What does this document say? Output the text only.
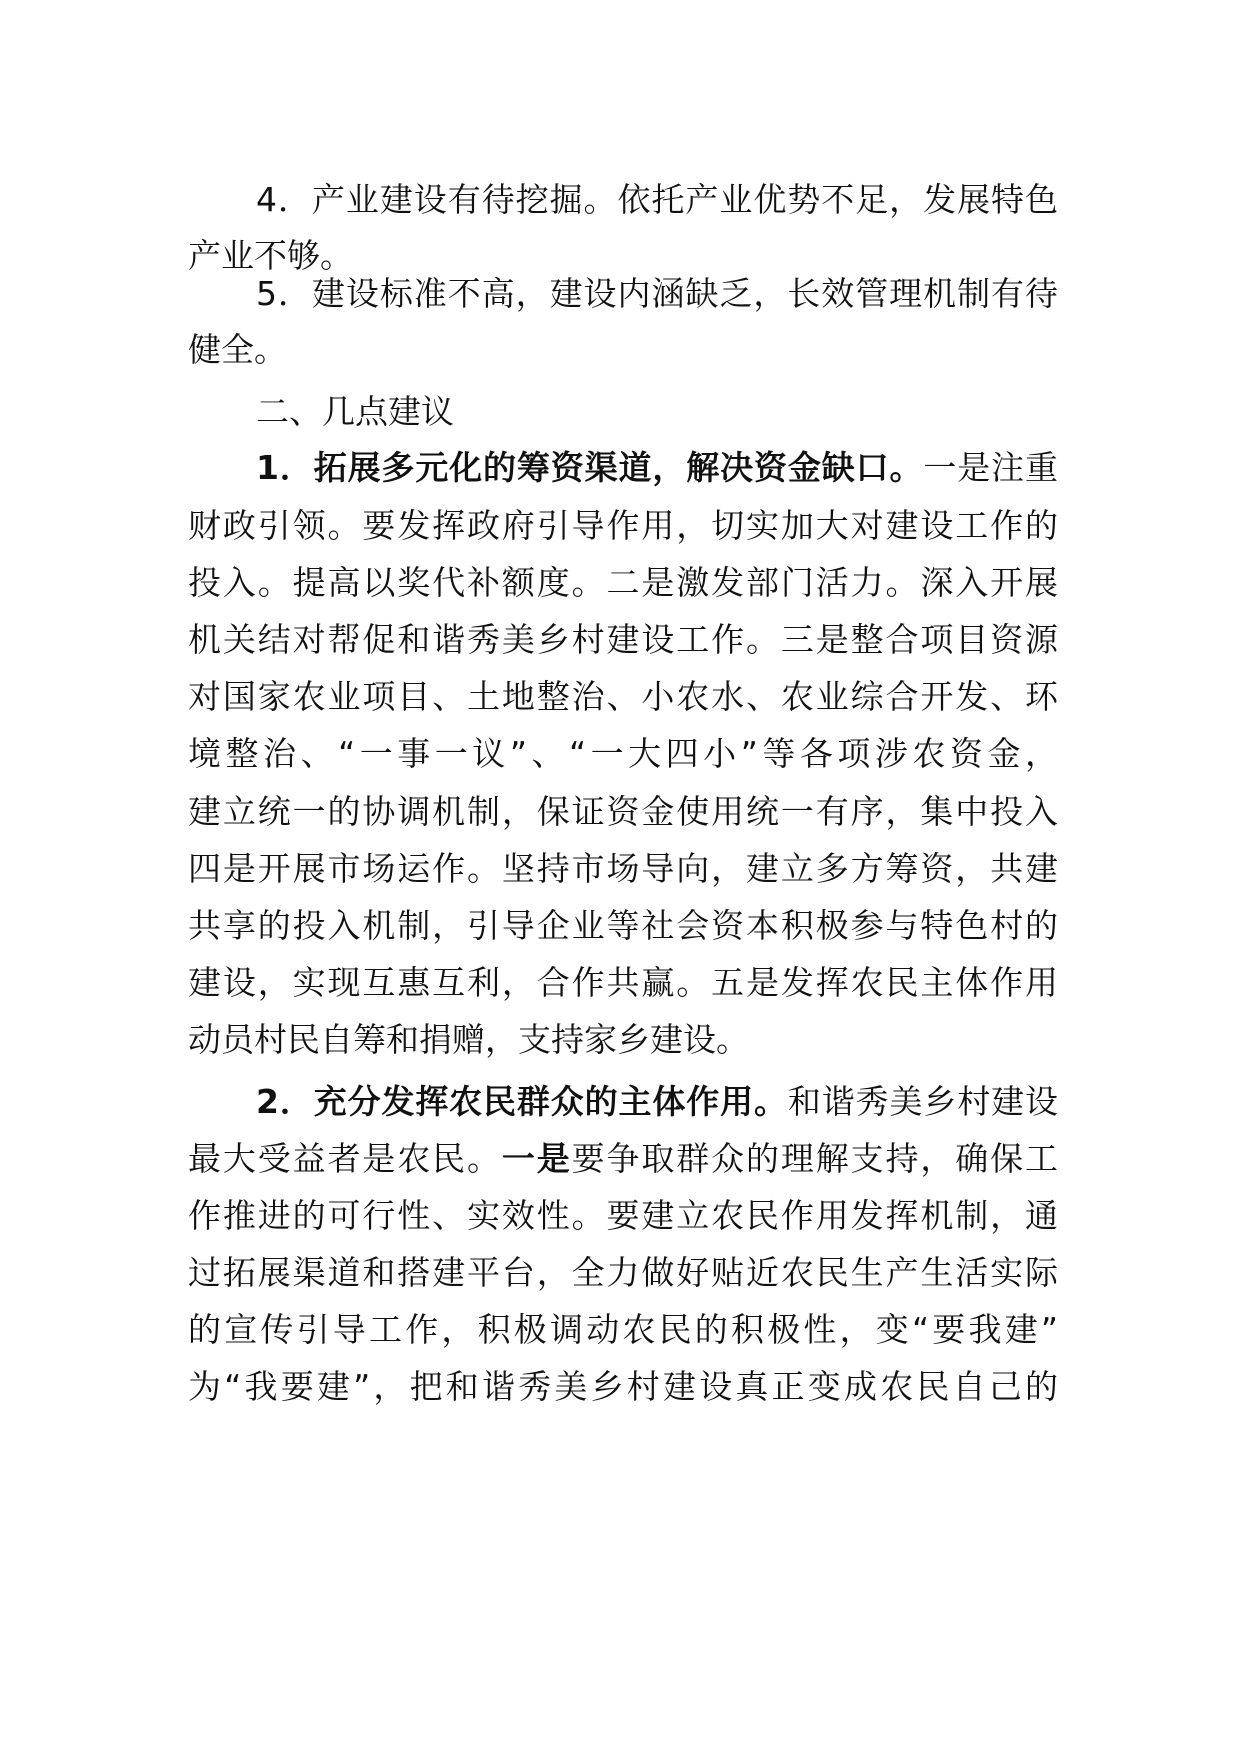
4．产业建设有待挖掘。依托产业优势不足，发展特色
产业不够。
5．建设标准不高，建设内涵缺乏，长效管理机制有待
健全。
二、几点建议
1．拓展多元化的筹资渠道，解决资金缺口。一是注重
财政引领。要发挥政府引导作用，切实加大对建设工作的
投入。提高以奖代补额度。二是激发部门活力。深入开展
机关结对帮促和谐秀美乡村建设工作。三是整合项目资源
对国家农业项目、土地整治、小农水、农业综合开发、环
境整治、“一事一议”、“一大四小”等各项涉农资金，
建立统一的协调机制，保证资金使用统一有序，集中投入
四是开展市场运作。坚持市场导向，建立多方筹资，共建
共享的投入机制，引导企业等社会资本积极参与特色村的
建设，实现互惠互利，合作共赢。五是发挥农民主体作用
动员村民自筹和捐赠，支持家乡建设。
2．充分发挥农民群众的主体作用。和谐秀美乡村建设
最大受益者是农民。一是要争取群众的理解支持，确保工
作推进的可行性、实效性。要建立农民作用发挥机制，通
过拓展渠道和搭建平台，全力做好贴近农民生产生活实际
的宣传引导工作，积极调动农民的积极性，变“要我建”
为“我要建”，把和谐秀美乡村建设真正变成农民自己的
